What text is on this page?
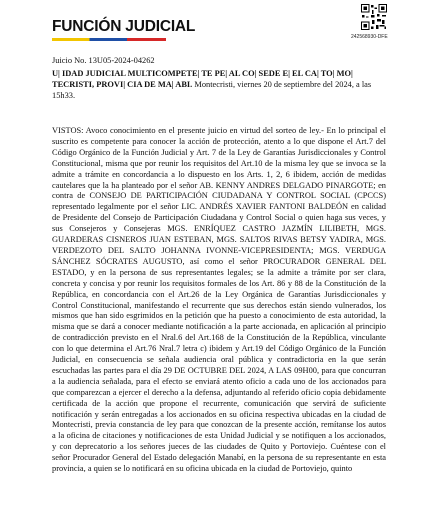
FUNCIÓN JUDICIAL
242568930-DFE
Juicio No. 13U05-2024-04262
U| IDAD JUDICIAL MULTICOMPETE| TE PE| AL CO| SEDE E| EL CA| TO| MO| TECRISTI, PROVI| CIA DE MA| ABI. Montecristi, viernes 20 de septiembre del 2024, a las 15h33.
VISTOS: Avoco conocimiento en el presente juicio en virtud del sorteo de ley.- En lo principal el suscrito es competente para conocer la acción de protección, atento a lo que dispone el Art.7 del Código Orgánico de la Función Judicial y Art. 7 de la Ley de Garantías Jurisdiccionales y Control Constitucional, misma que por reunir los requisitos del Art.10 de la misma ley que se invoca se la admite a trámite en concordancia a lo dispuesto en los Arts. 1, 2, 6 ibidem, acción de medidas cautelares que la ha planteado por el señor AB. KENNY ANDRES DELGADO PINARGOTE; en contra de CONSEJO DE PARTICIPACIÓN CIUDADANA Y CONTROL SOCIAL (CPCCS) representado legalmente por el señor LIC. ANDRÉS XAVIER FANTONI BALDEÓN en calidad de Presidente del Consejo de Participación Ciudadana y Control Social o quien haga sus veces, y sus Consejeros y Consejeras MGS. ENRÍQUEZ CASTRO JAZMÍN LILIBETH, MGS. GUARDERAS CISNEROS JUAN ESTEBAN, MGS. SALTOS RIVAS BETSY YADIRA, MGS. VERDEZOTO DEL SALTO JOHANNA IVONNE-VICEPRESIDENTA; MGS. VERDUGA SÁNCHEZ SÓCRATES AUGUSTO, así como el señor PROCURADOR GENERAL DEL ESTADO, y en la persona de sus representantes legales; se la admite a trámite por ser clara, concreta y concisa y por reunir los requisitos formales de los Art. 86 y 88 de la Constitución de la República, en concordancia con el Art.26 de la Ley Orgánica de Garantías Jurisdiccionales y Control Constitucional, manifestando el recurrente que sus derechos están siendo vulnerados, los mismos que han sido esgrimidos en la petición que ha puesto a conocimiento de esta autoridad, la misma que se dará a conocer mediante notificación a la parte accionada, en aplicación al principio de contradicción previsto en el Nral.6 del Art.168 de la Constitución de la República, vinculante con lo que determina el Art.76 Nral.7 letra c) ibidem y Art.19 del Código Orgánico de la Función Judicial, en consecuencia se señala audiencia oral pública y contradictoria en la que serán escuchadas las partes para el día 29 DE OCTUBRE DEL 2024, A LAS 09H00, para que concurran a la audiencia señalada, para el efecto se enviará atento oficio a cada uno de los accionados para que comparezcan a ejercer el derecho a la defensa, adjuntando al referido oficio copia debidamente certificada de la acción que propone el recurrente, comunicación que servirá de suficiente notificación y serán entregadas a los accionados en su oficina respectiva ubicadas en la ciudad de Montecristi, previa constancia de ley para que conozcan de la presente acción, remítanse los autos a la oficina de citaciones y notificaciones de esta Unidad Judicial y se notifiquen a los accionados, y con deprecatorio a los señores jueces de las ciudades de Quito y Portoviejo. Cuéntese con el señor Procurador General del Estado delegación Manabí, en la persona de su representante en esta provincia, a quien se lo notificará en su oficina ubicada en la ciudad de Portoviejo, quinto
